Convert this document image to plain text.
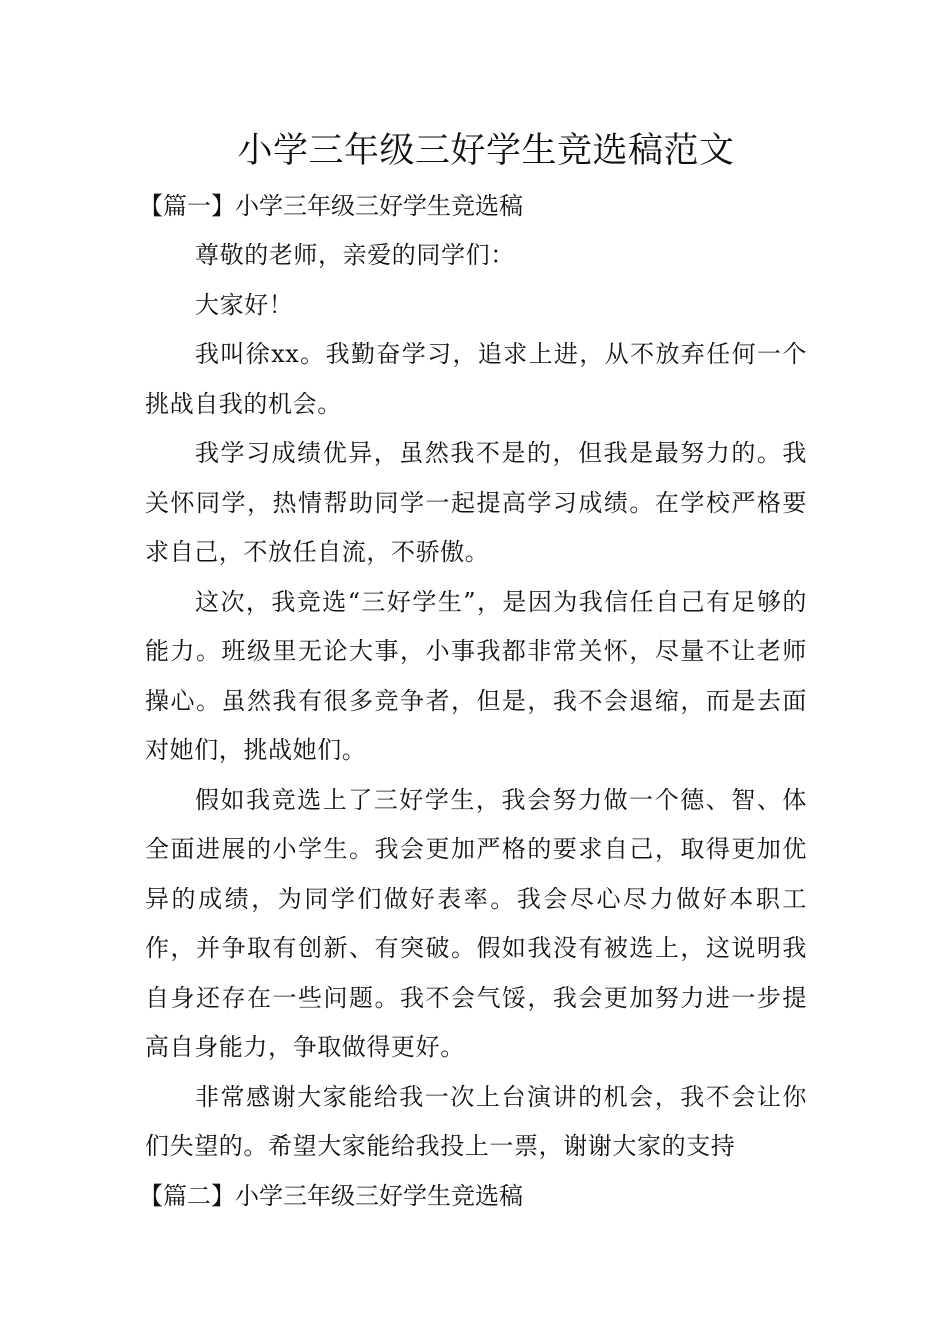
小学三年级三好学生竞选稿范文

【篇一】小学三年级三好学生竞选稿

尊敬的老师，亲爱的同学们：

大家好！

我叫徐xx。我勤奋学习，追求上进，从不放弃任何一个挑战自我的机会。

我学习成绩优异，虽然我不是的，但我是最努力的。我关怀同学，热情帮助同学一起提高学习成绩。在学校严格要求自己，不放任自流，不骄傲。

这次，我竞选“三好学生”，是因为我信任自己有足够的能力。班级里无论大事，小事我都非常关怀，尽量不让老师操心。虽然我有很多竞争者，但是，我不会退缩，而是去面对她们，挑战她们。

假如我竞选上了三好学生，我会努力做一个德、智、体全面进展的小学生。我会更加严格的要求自己，取得更加优异的成绩，为同学们做好表率。我会尽心尽力做好本职工作，并争取有创新、有突破。假如我没有被选上，这说明我自身还存在一些问题。我不会气馁，我会更加努力进一步提高自身能力，争取做得更好。

非常感谢大家能给我一次上台演讲的机会，我不会让你们失望的。希望大家能给我投上一票，谢谢大家的支持

【篇二】小学三年级三好学生竞选稿
